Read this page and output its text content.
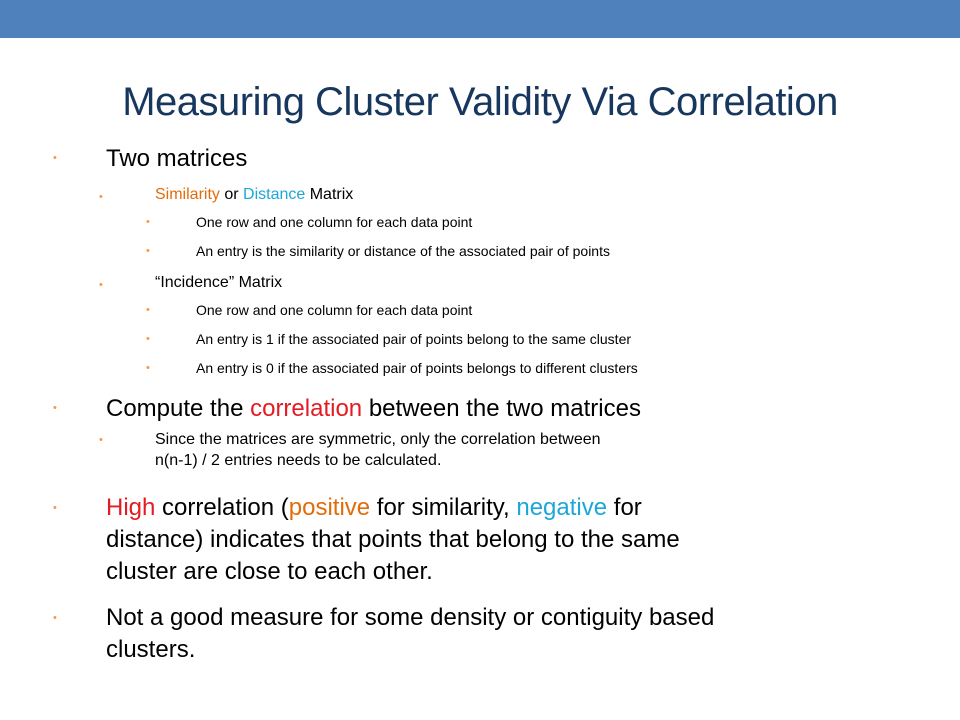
Measuring Cluster Validity Via Correlation
• Two matrices
•	Similarity or Distance Matrix
•	One row and one column for each data point
•	An entry is the similarity or distance of the associated pair of points
•	“Incidence” Matrix
•	One row and one column for each data point
•	An entry is 1 if the associated pair of points belong to the same cluster
•	An entry is 0 if the associated pair of points belongs to different clusters
• Compute the correlation between the two matrices
•	Since the matrices are symmetric, only the correlation between
n(n-1) / 2 entries needs to be calculated.
• High correlation (positive for similarity, negative for
distance) indicates that points that belong to the same
cluster are close to each other.
• Not a good measure for some density or contiguity based
clusters.
